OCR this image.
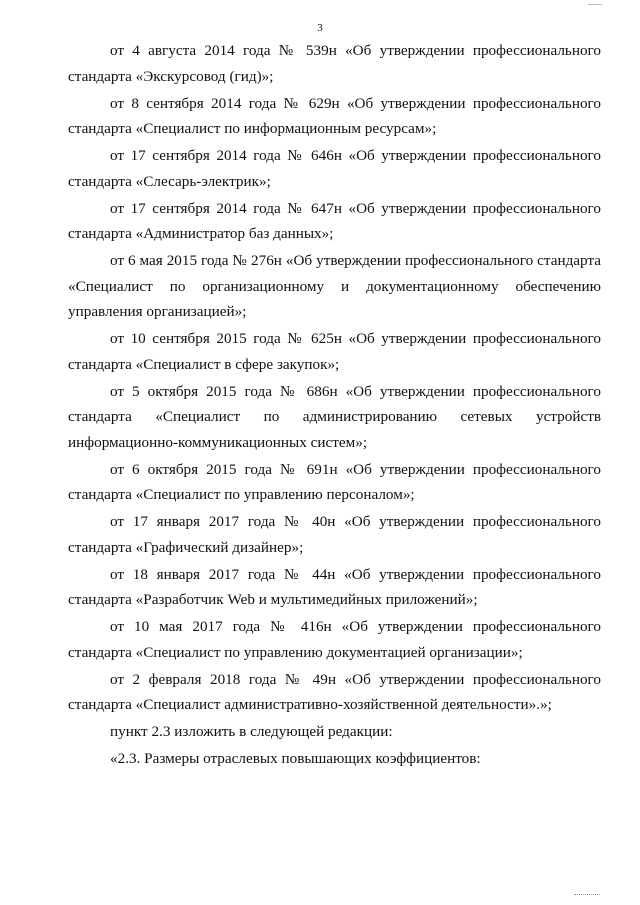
3

от 4 августа 2014 года № 539н «Об утверждении профессионального стандарта «Экскурсовод (гид)»;

от 8 сентября 2014 года № 629н «Об утверждении профессионального стандарта «Специалист по информационным ресурсам»;

от 17 сентября 2014 года № 646н «Об утверждении профессионального стандарта «Слесарь-электрик»;

от 17 сентября 2014 года № 647н «Об утверждении профессионального стандарта «Администратор баз данных»;

от 6 мая 2015 года № 276н «Об утверждении профессионального стандарта «Специалист по организационному и документационному обеспечению управления организацией»;

от 10 сентября 2015 года № 625н «Об утверждении профессионального стандарта «Специалист в сфере закупок»;

от 5 октября 2015 года № 686н «Об утверждении профессионального стандарта «Специалист по администрированию сетевых устройств информационно-коммуникационных систем»;

от 6 октября 2015 года № 691н «Об утверждении профессионального стандарта «Специалист по управлению персоналом»;

от 17 января 2017 года № 40н «Об утверждении профессионального стандарта «Графический дизайнер»;

от 18 января 2017 года № 44н «Об утверждении профессионального стандарта «Разработчик Web и мультимедийных приложений»;

от 10 мая 2017 года № 416н «Об утверждении профессионального стандарта «Специалист по управлению документацией организации»;

от 2 февраля 2018 года № 49н «Об утверждении профессионального стандарта «Специалист административно-хозяйственной деятельности».»;

пункт 2.3 изложить в следующей редакции:

«2.3. Размеры отраслевых повышающих коэффициентов:
